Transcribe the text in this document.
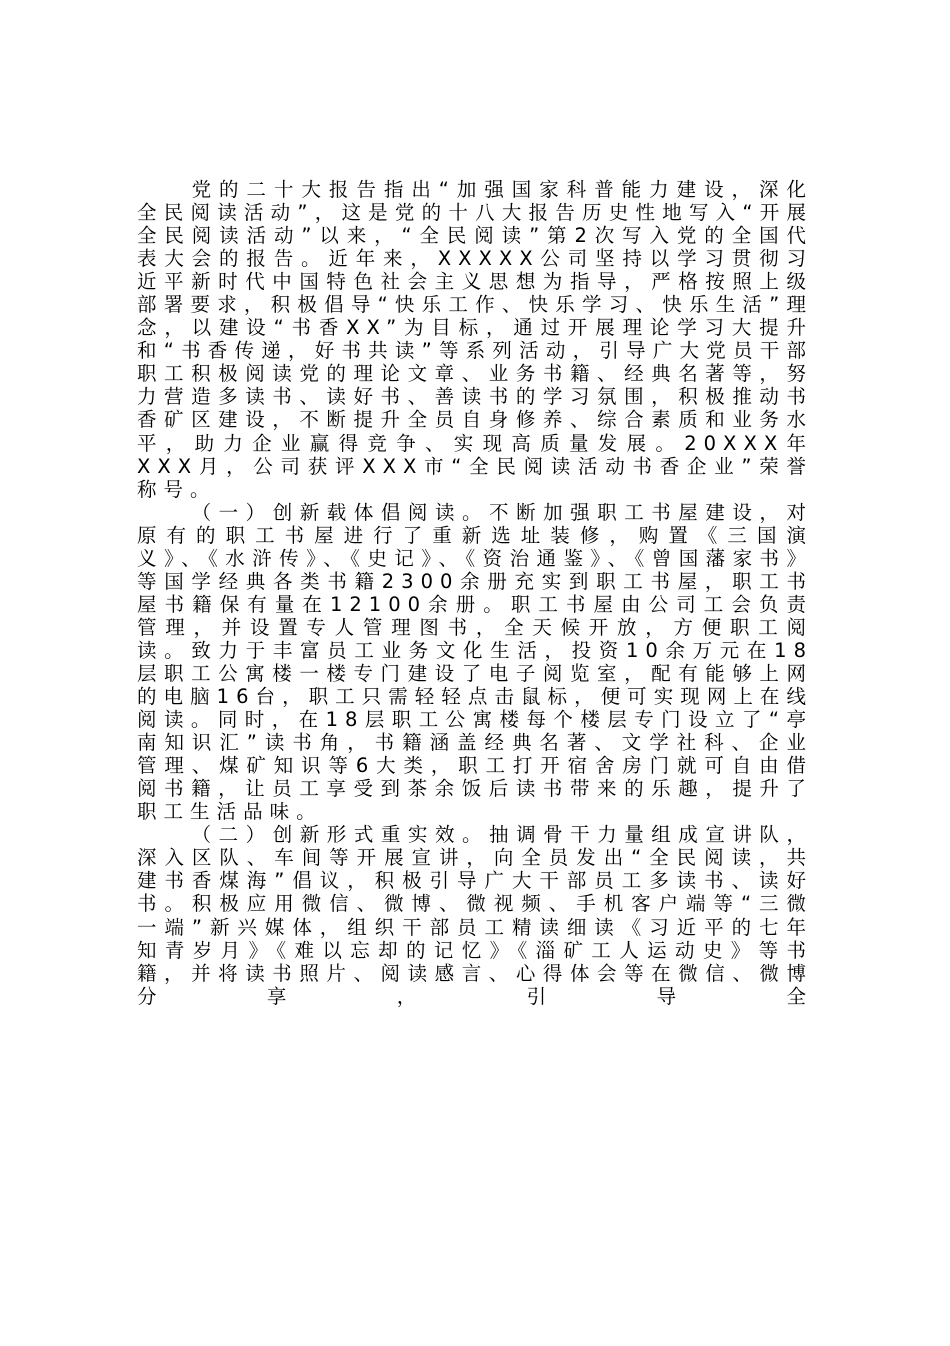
党的二十大报告指出“加强国家科普能力建设，深化全民阅读活动”，这是党的十八大报告历史性地写入“开展全民阅读活动”以来，“全民阅读”第2次写入党的全国代表大会的报告。近年来，XXXXX公司坚持以学习贯彻习近平新时代中国特色社会主义思想为指导，严格按照上级部署要求，积极倡导“快乐工作、快乐学习、快乐生活”理念，以建设“书香XX”为目标，通过开展理论学习大提升和“书香传递，好书共读”等系列活动，引导广大党员干部职工积极阅读党的理论文章、业务书籍、经典名著等，努力营造多读书、读好书、善读书的学习氛围，积极推动书香矿区建设，不断提升全员自身修养、综合素质和业务水平，助力企业赢得竞争、实现高质量发展。20XXX年XXX月，公司获评XXX市“全民阅读活动书香企业”荣誉称号。

（一）创新载体倡阅读。不断加强职工书屋建设，对原有的职工书屋进行了重新选址装修，购置《三国演义》、《水浒传》、《史记》、《资治通鉴》、《曾国藩家书》等国学经典各类书籍2300余册充实到职工书屋，职工书屋书籍保有量在12100余册。职工书屋由公司工会负责管理，并设置专人管理图书，全天候开放，方便职工阅读。致力于丰富员工业务文化生活，投资10余万元在18层职工公寓楼一楼专门建设了电子阅览室，配有能够上网的电脑16台，职工只需轻轻点击鼠标，便可实现网上在线阅读。同时，在18层职工公寓楼每个楼层专门设立了“亭南知识汇”读书角，书籍涵盖经典名著、文学社科、企业管理、煤矿知识等6大类，职工打开宿舍房门就可自由借阅书籍，让员工享受到茶余饭后读书带来的乐趣，提升了职工生活品味。

（二）创新形式重实效。抽调骨干力量组成宣讲队，深入区队、车间等开展宣讲，向全员发出“全民阅读，共建书香煤海”倡议，积极引导广大干部员工多读书、读好书。积极应用微信、微博、微视频、手机客户端等“三微一端”新兴媒体，组织干部员工精读细读《习近平的七年知青岁月》《难以忘却的记忆》《淄矿工人运动史》等书籍，并将读书照片、阅读感言、心得体会等在微信、微博分享，引导全
